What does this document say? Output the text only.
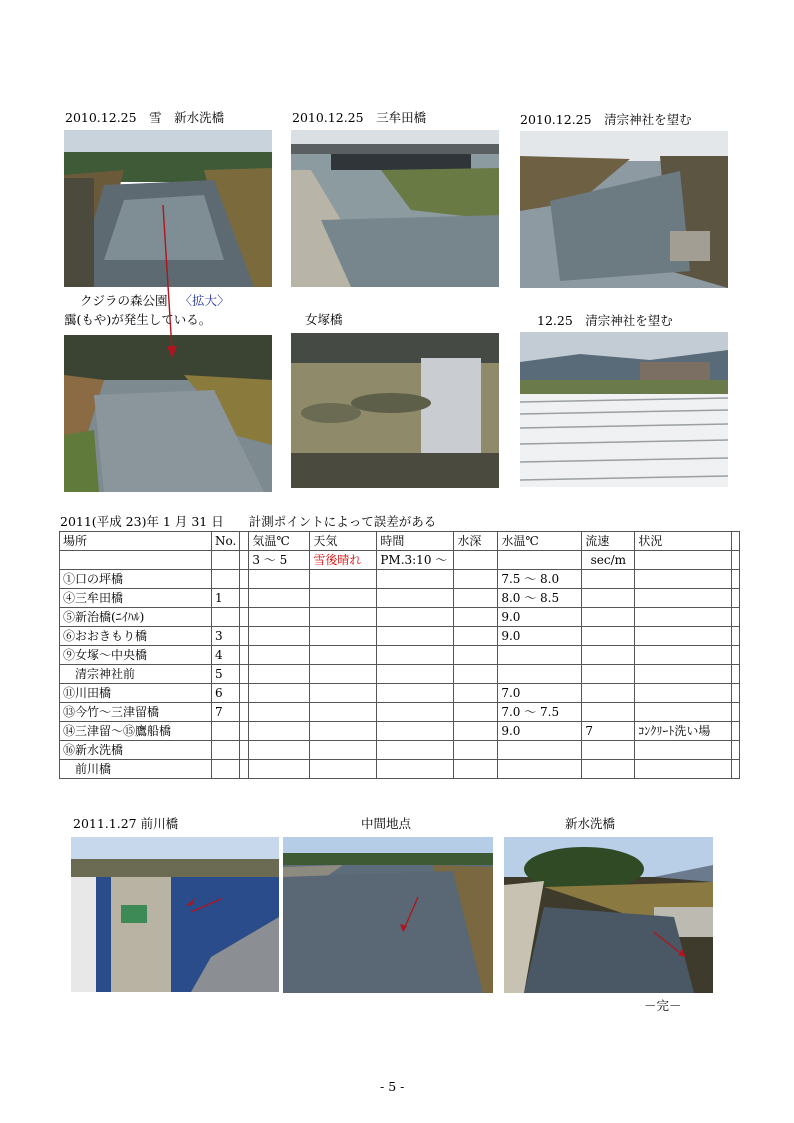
2010.12.25　雪　新水洗橋	2010.12.25　三牟田橋	2010.12.25　清宗神社を望む
クジラの森公園 〈拡大〉
靄(もや)が発生している。	女塚橋	12.25　清宗神社を望む
2011(平成 23)年 1 月 31 日　　計測ポイントによって誤差がある
場所	No.		気温℃	天気	時間	水深	水温℃	流速	状況	
			3 ～ 5	雪後晴れ	PM.3:10 ～			sec/m		
①口の坪橋							7.5 ～ 8.0			
④三牟田橋	1						8.0 ～ 8.5			
⑤新治橋(ﾆｲﾊﾙ)							9.0			
⑥おおきもり橋	3						9.0			
⑨女塚～中央橋	4									
　清宗神社前	5									
⑪川田橋	6						7.0			
⑬今竹～三津留橋	7						7.0 ～ 7.5			
⑭三津留～⑮鷹船橋							9.0	7	ｺﾝｸﾘｰﾄ洗い場	
⑯新水洗橋										
　前川橋										
2011.1.27 前川橋	中間地点	新水洗橋
－完－
- 5 -
